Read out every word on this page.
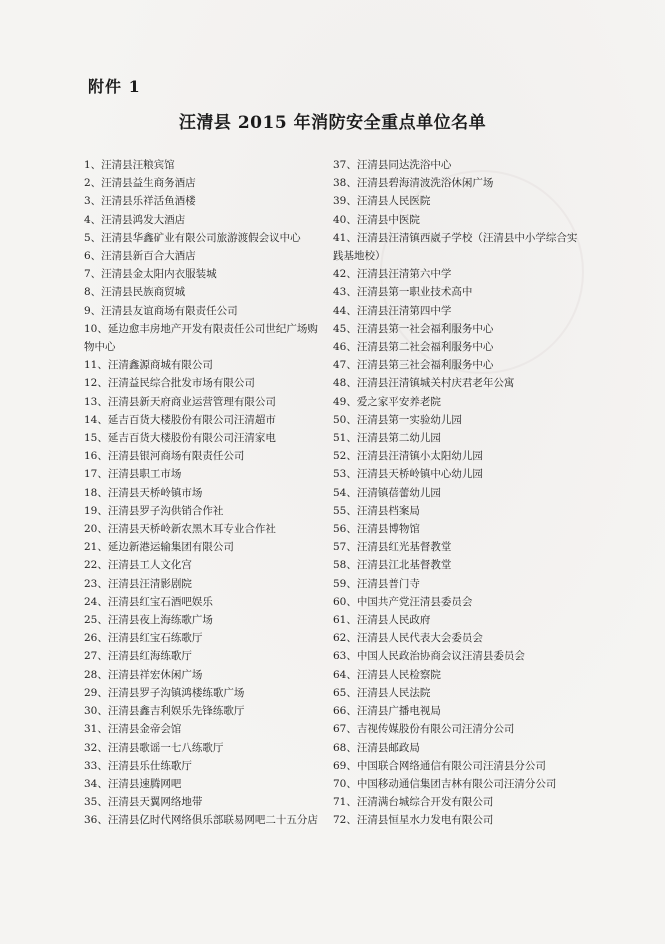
附件 1
汪清县 2015 年消防安全重点单位名单

1、汪清县汪粮宾馆

2、汪清县益生商务酒店

3、汪清县乐祥活鱼酒楼

4、汪清县鸿发大酒店

5、汪清县华鑫矿业有限公司旅游渡假会议中心

6、汪清县新百合大酒店

7、汪清县金太阳内衣服装城

8、汪清县民族商贸城

9、汪清县友谊商场有限责任公司

10、延边愈丰房地产开发有限责任公司世纪广场购物中心

11、汪清鑫源商城有限公司

12、汪清益民综合批发市场有限公司

13、汪清县新天府商业运营管理有限公司

14、延吉百货大楼股份有限公司汪清超市

15、延吉百货大楼股份有限公司汪清家电

16、汪清县银河商场有限责任公司

17、汪清县职工市场

18、汪清县天桥岭镇市场

19、汪清县罗子沟供销合作社

20、汪清县天桥岭新农黑木耳专业合作社

21、延边新港运输集团有限公司

22、汪清县工人文化宫

23、汪清县汪清影剧院

24、汪清县红宝石酒吧娱乐

25、汪清县夜上海练歌广场

26、汪清县红宝石练歌厅

27、汪清县红海练歌厅

28、汪清县祥宏休闲广场

29、汪清县罗子沟镇鸿楼练歌广场

30、汪清县鑫吉利娱乐先锋练歌厅

31、汪清县金帝会馆

32、汪清县歌谣一七八练歌厅

33、汪清县乐仕练歌厅

34、汪清县速腾网吧

35、汪清县天翼网络地带

36、汪清县亿时代网络俱乐部联易网吧二十五分店

37、汪清县同达洗浴中心

38、汪清县碧海清波洗浴休闲广场

39、汪清县人民医院

40、汪清县中医院

41、汪清县汪清镇西崴子学校（汪清县中小学综合实践基地校）

42、汪清县汪清第六中学

43、汪清县第一职业技术高中

44、汪清县汪清第四中学

45、汪清县第一社会福利服务中心

46、汪清县第二社会福利服务中心

47、汪清县第三社会福利服务中心

48、汪清县汪清镇城关村庆君老年公寓

49、爱之家平安养老院

50、汪清县第一实验幼儿园

51、汪清县第二幼儿园

52、汪清县汪清镇小太阳幼儿园

53、汪清县天桥岭镇中心幼儿园

54、汪清镇蓓蕾幼儿园

55、汪清县档案局

56、汪清县博物馆

57、汪清县红光基督教堂

58、汪清县江北基督教堂

59、汪清县普门寺

60、中国共产党汪清县委员会

61、汪清县人民政府

62、汪清县人民代表大会委员会

63、中国人民政治协商会议汪清县委员会

64、汪清县人民检察院

65、汪清县人民法院

66、汪清县广播电视局

67、吉视传媒股份有限公司汪清分公司

68、汪清县邮政局

69、中国联合网络通信有限公司汪清县分公司

70、中国移动通信集团吉林有限公司汪清分公司

71、汪清满台城综合开发有限公司

72、汪清县恒星水力发电有限公司
